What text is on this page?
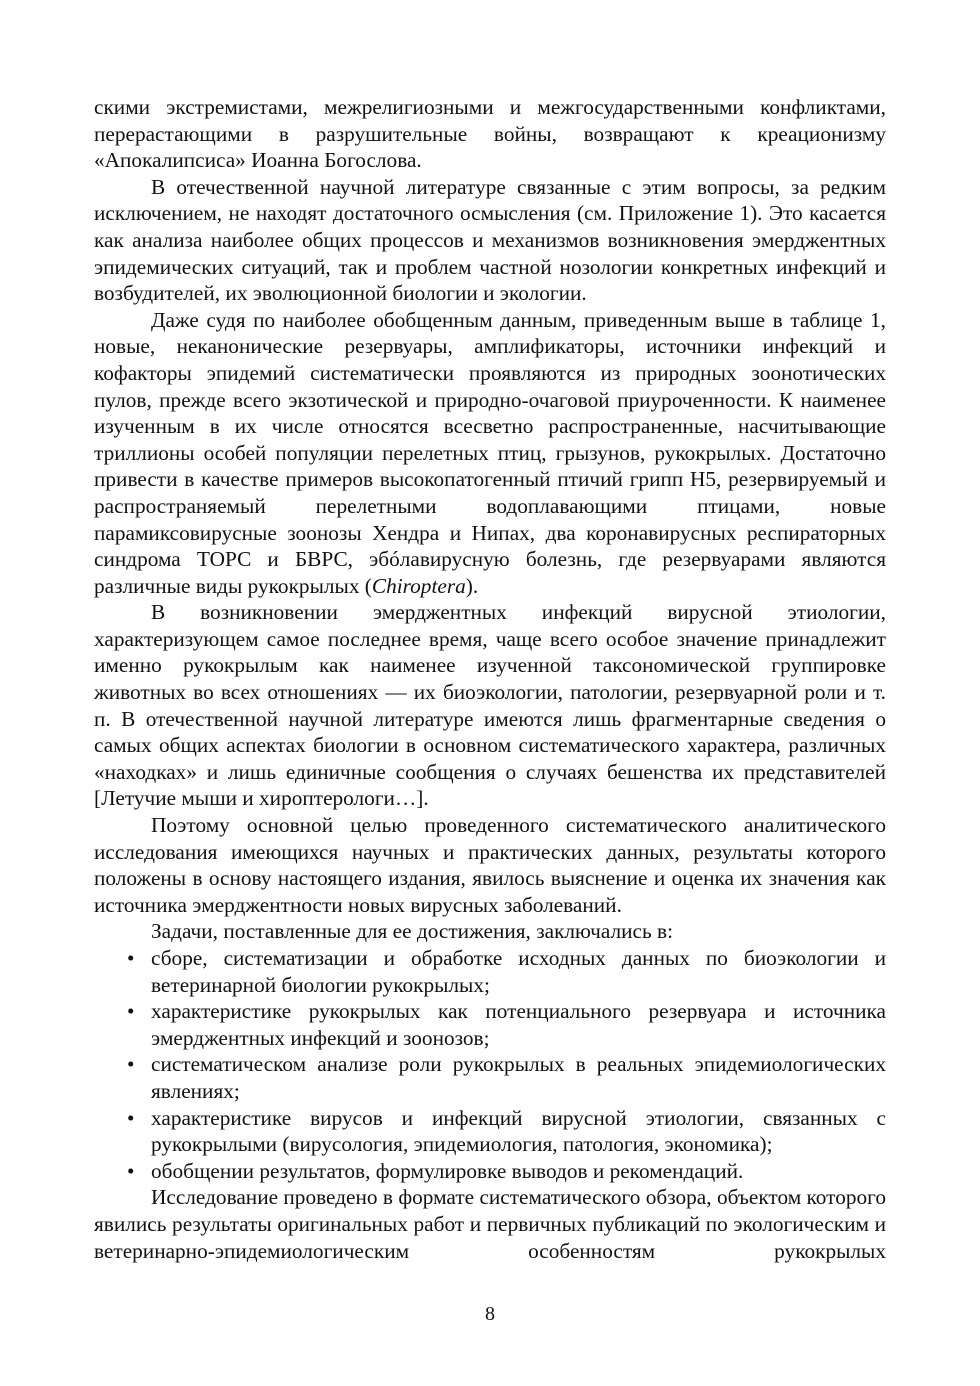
скими экстремистами, межрелигиозными и межгосударственными конфликтами, перерастающими в разрушительные войны, возвращают к креационизму «Апокалипсиса» Иоанна Богослова.

В отечественной научной литературе связанные с этим вопросы, за редким исключением, не находят достаточного осмысления (см. Приложение 1). Это касается как анализа наиболее общих процессов и механизмов возникновения эмерджентных эпидемических ситуаций, так и проблем частной нозологии конкретных инфекций и возбудителей, их эволюционной биологии и экологии.

Даже судя по наиболее обобщенным данным, приведенным выше в таблице 1, новые, неканонические резервуары, амплификаторы, источники инфекций и кофакторы эпидемий систематически проявляются из природных зоонотических пулов, прежде всего экзотической и природно-очаговой приуроченности. К наименее изученным в их числе относятся всесветно распространенные, насчитывающие триллионы особей популяции перелетных птиц, грызунов, рукокрылых. Достаточно привести в качестве примеров высокопатогенный птичий грипп H5, резервируемый и распространяемый перелетными водоплавающими птицами, новые парамиксовирусные зоонозы Хендра и Нипах, два коронавирусных респираторных синдрома ТОРС и БВРС, эбóлавирусную болезнь, где резервуарами являются различные виды рукокрылых (Chiroptera).

В возникновении эмерджентных инфекций вирусной этиологии, характеризующем самое последнее время, чаще всего особое значение принадлежит именно рукокрылым как наименее изученной таксономической группировке животных во всех отношениях — их биоэкологии, патологии, резервуарной роли и т. п. В отечественной научной литературе имеются лишь фрагментарные сведения о самых общих аспектах биологии в основном систематического характера, различных «находках» и лишь единичные сообщения о случаях бешенства их представителей [Летучие мыши и хироптерологи…].

Поэтому основной целью проведенного систематического аналитического исследования имеющихся научных и практических данных, результаты которого положены в основу настоящего издания, явилось выяснение и оценка их значения как источника эмерджентности новых вирусных заболеваний.

Задачи, поставленные для ее достижения, заключались в:

• сборе, систематизации и обработке исходных данных по биоэкологии и ветеринарной биологии рукокрылых;
• характеристике рукокрылых как потенциального резервуара и источника эмерджентных инфекций и зоонозов;
• систематическом анализе роли рукокрылых в реальных эпидемиологических явлениях;
• характеристике вирусов и инфекций вирусной этиологии, связанных с рукокрылыми (вирусология, эпидемиология, патология, экономика);
• обобщении результатов, формулировке выводов и рекомендаций.

Исследование проведено в формате систематического обзора, объектом которого явились результаты оригинальных работ и первичных публикаций по экологическим и ветеринарно-эпидемиологическим особенностям рукокрылых

8
